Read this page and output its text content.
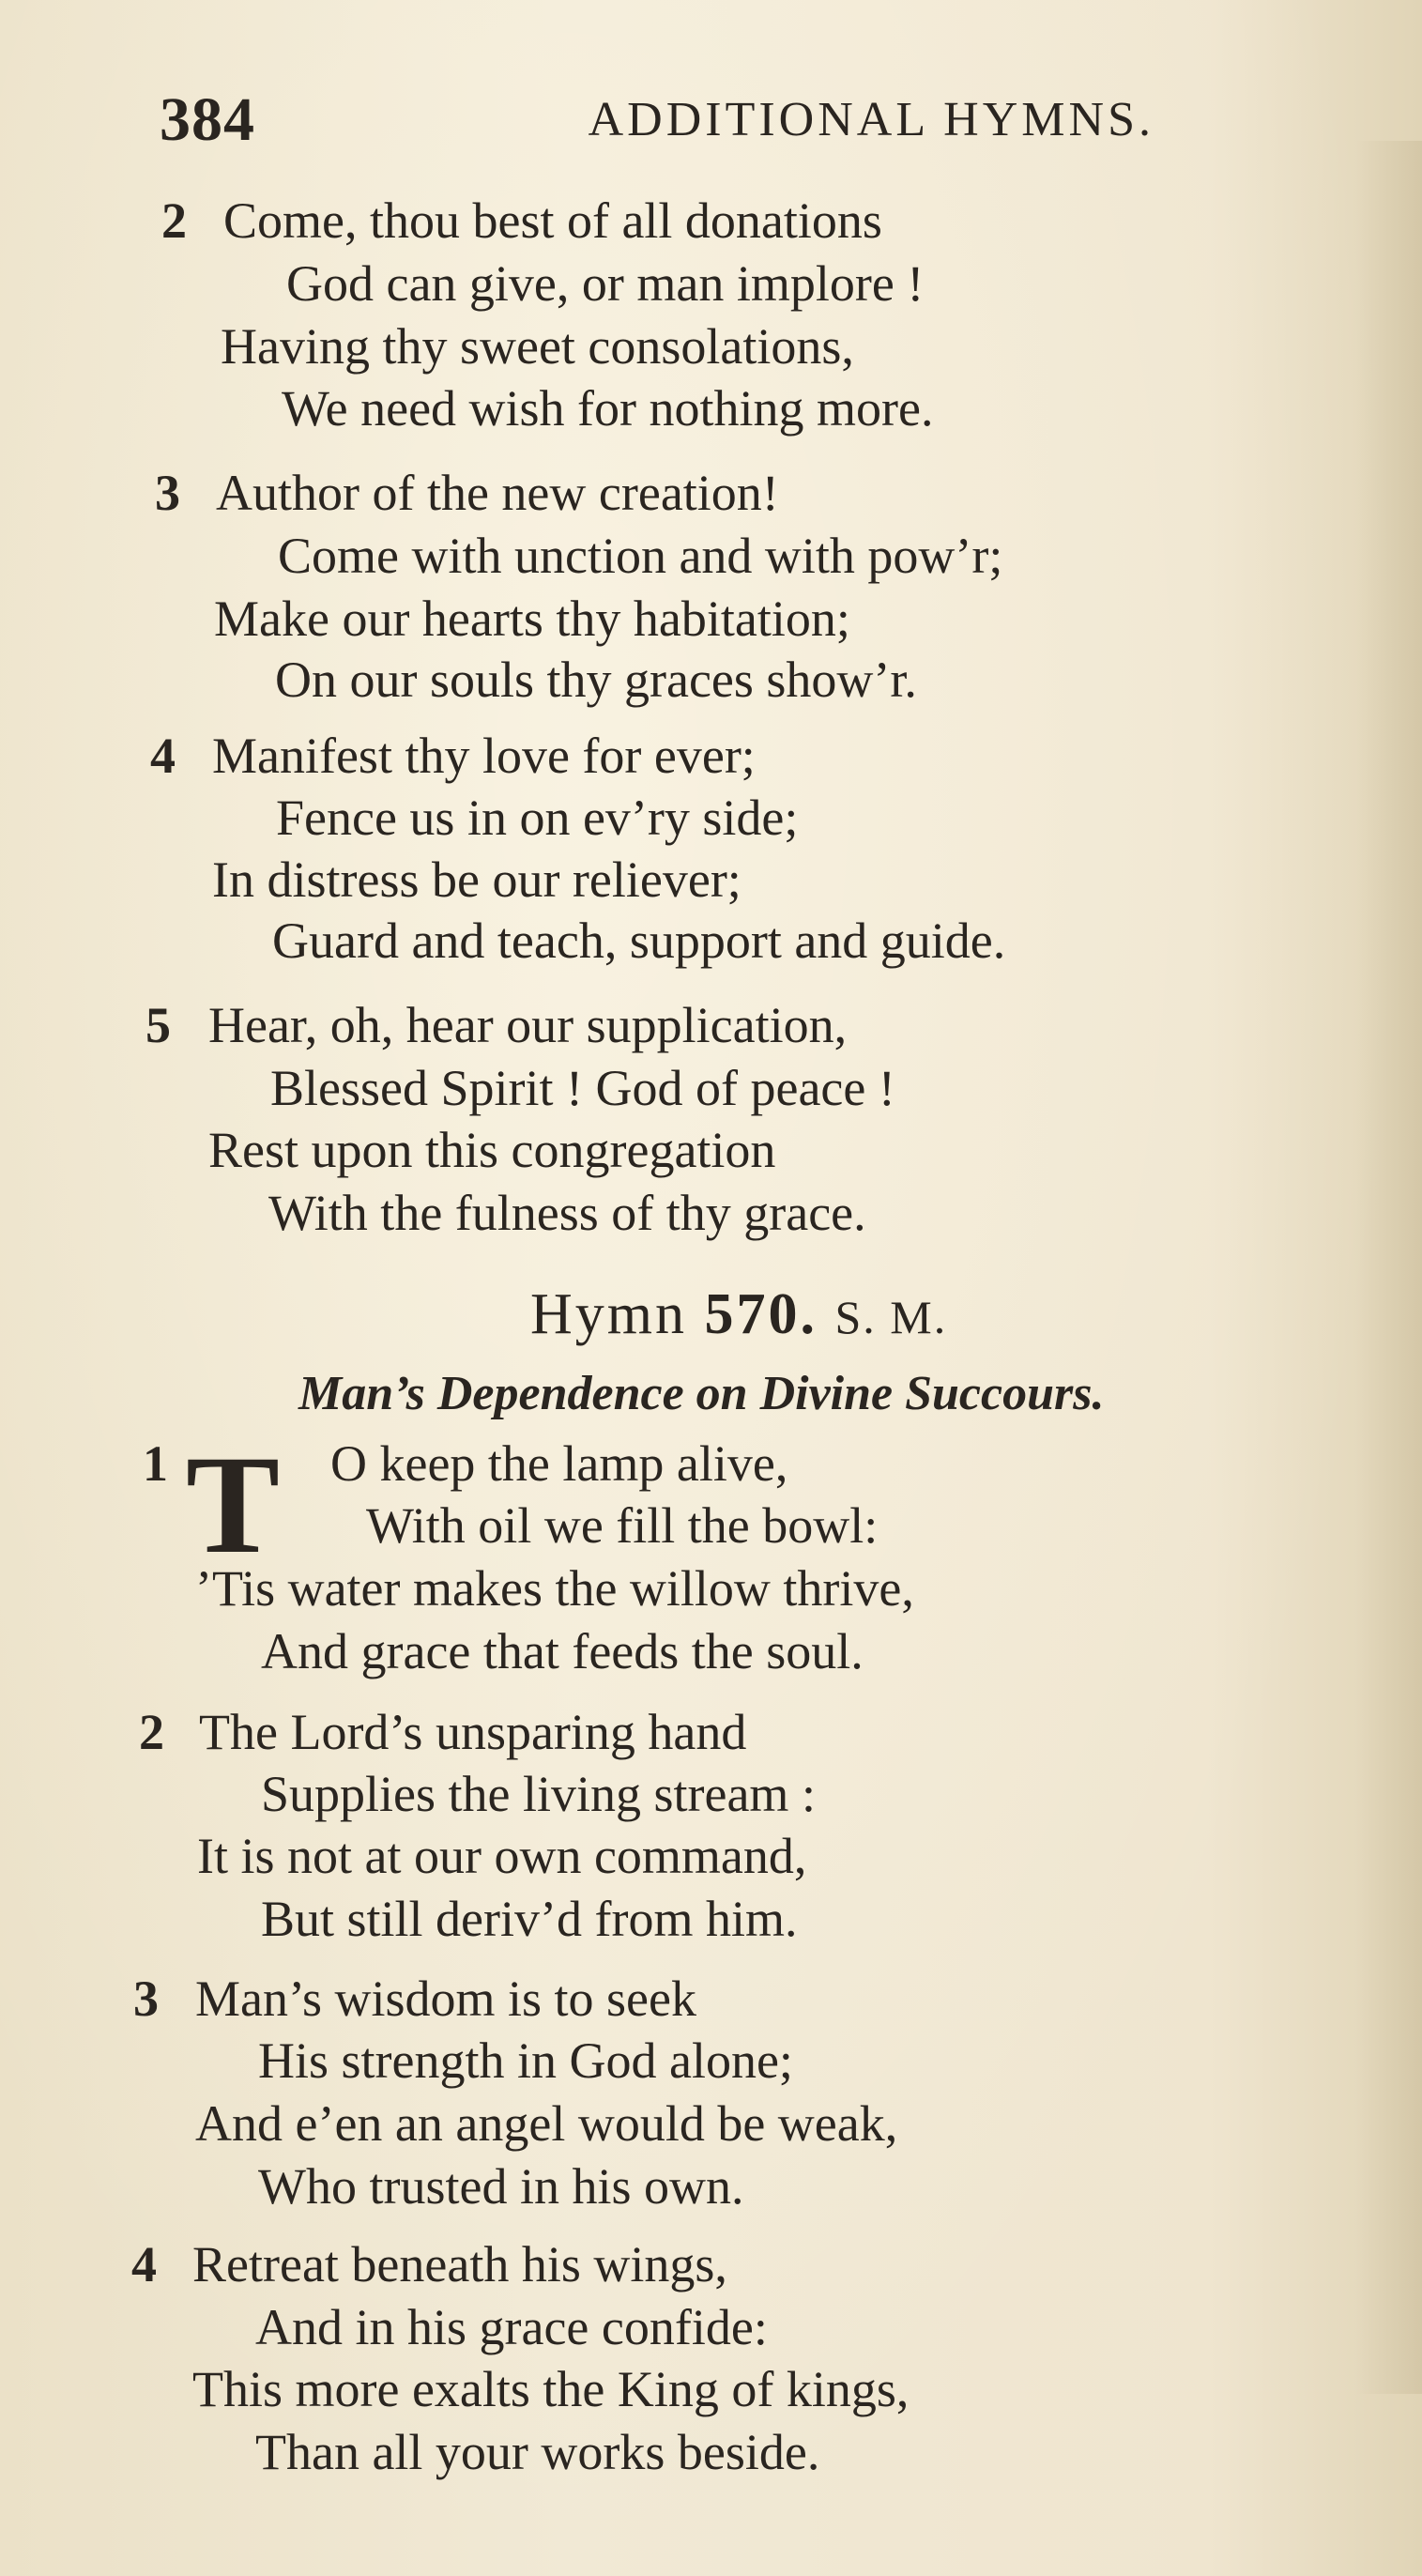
384	ADDITIONAL HYMNS.
2 Come, thou best of all donations
God can give, or man implore !
Having thy sweet consolations,
We need wish for nothing more.
3 Author of the new creation!
Come with unction and with pow’r;
Make our hearts thy habitation;
On our souls thy graces show’r.
4 Manifest thy love for ever;
Fence us in on ev’ry side;
In distress be our reliever;
Guard and teach, support and guide.
5 Hear, oh, hear our supplication,
Blessed Spirit ! God of peace !
Rest upon this congregation
With the fulness of thy grace.
Hymn 570. S. M.
Man’s Dependence on Divine Succours.
1 T O keep the lamp alive,
With oil we fill the bowl:
’Tis water makes the willow thrive,
And grace that feeds the soul.
2 The Lord’s unsparing hand
Supplies the living stream :
It is not at our own command,
But still deriv’d from him.
3 Man’s wisdom is to seek
His strength in God alone;
And e’en an angel would be weak,
Who trusted in his own.
4 Retreat beneath his wings,
And in his grace confide:
This more exalts the King of kings,
Than all your works beside.
